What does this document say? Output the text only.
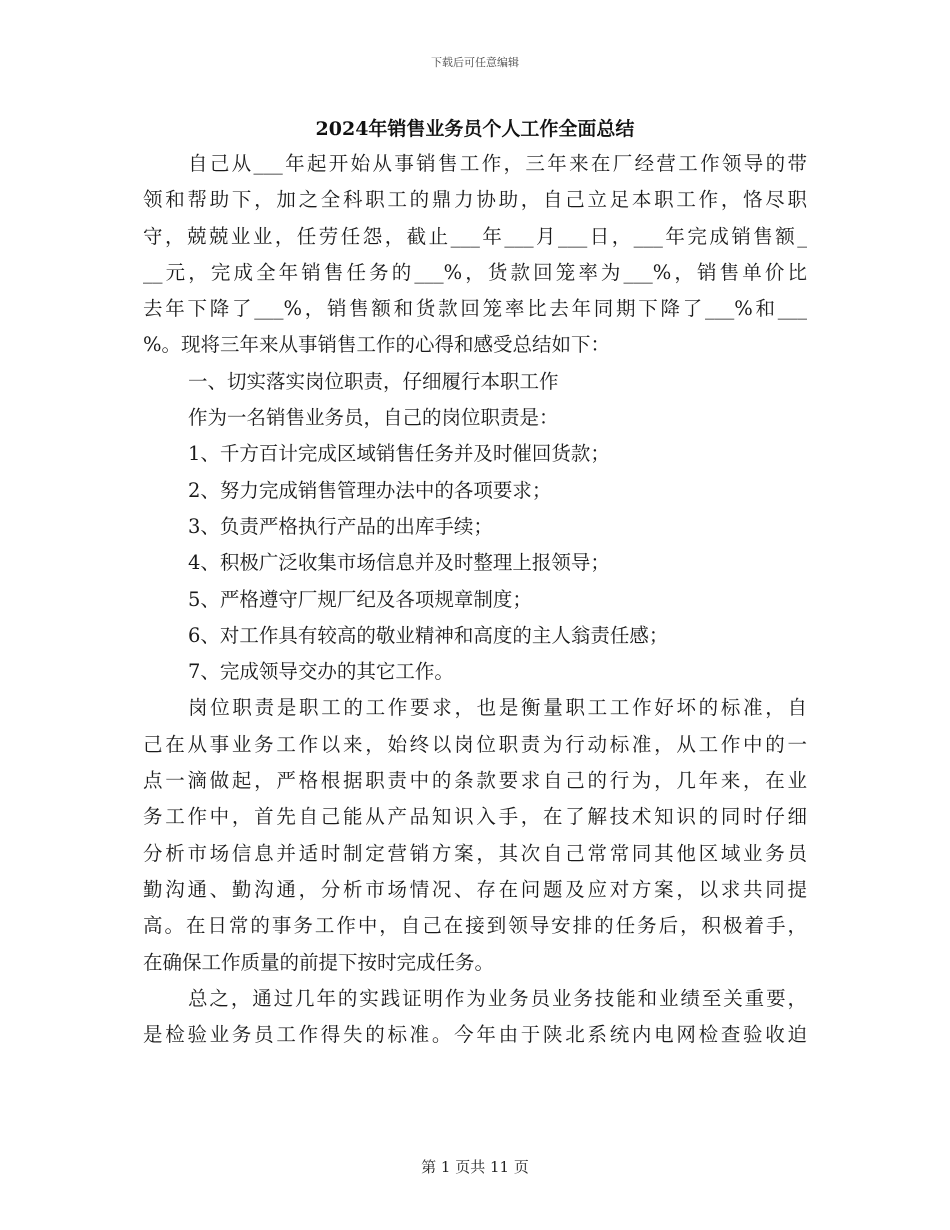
下载后可任意编辑
2024年销售业务员个人工作全面总结
自己从___年起开始从事销售工作，三年来在厂经营工作领导的带
领和帮助下，加之全科职工的鼎力协助，自己立足本职工作，恪尽职
守，兢兢业业，任劳任怨，截止___年___月___日，___年完成销售额_
__元，完成全年销售任务的___%，货款回笼率为___%，销售单价比
去年下降了___%，销售额和货款回笼率比去年同期下降了___%和___
%。现将三年来从事销售工作的心得和感受总结如下：
一、切实落实岗位职责，仔细履行本职工作
作为一名销售业务员，自己的岗位职责是：
1、千方百计完成区域销售任务并及时催回货款；
2、努力完成销售管理办法中的各项要求；
3、负责严格执行产品的出库手续；
4、积极广泛收集市场信息并及时整理上报领导；
5、严格遵守厂规厂纪及各项规章制度；
6、对工作具有较高的敬业精神和高度的主人翁责任感；
7、完成领导交办的其它工作。
岗位职责是职工的工作要求，也是衡量职工工作好坏的标准，自
己在从事业务工作以来，始终以岗位职责为行动标准，从工作中的一
点一滴做起，严格根据职责中的条款要求自己的行为，几年来，在业
务工作中，首先自己能从产品知识入手，在了解技术知识的同时仔细
分析市场信息并适时制定营销方案，其次自己常常同其他区域业务员
勤沟通、勤沟通，分析市场情况、存在问题及应对方案，以求共同提
高。在日常的事务工作中，自己在接到领导安排的任务后，积极着手，
在确保工作质量的前提下按时完成任务。
总之，通过几年的实践证明作为业务员业务技能和业绩至关重要，
是检验业务员工作得失的标准。今年由于陕北系统内电网检查验收迫
第 1 页共 11 页
